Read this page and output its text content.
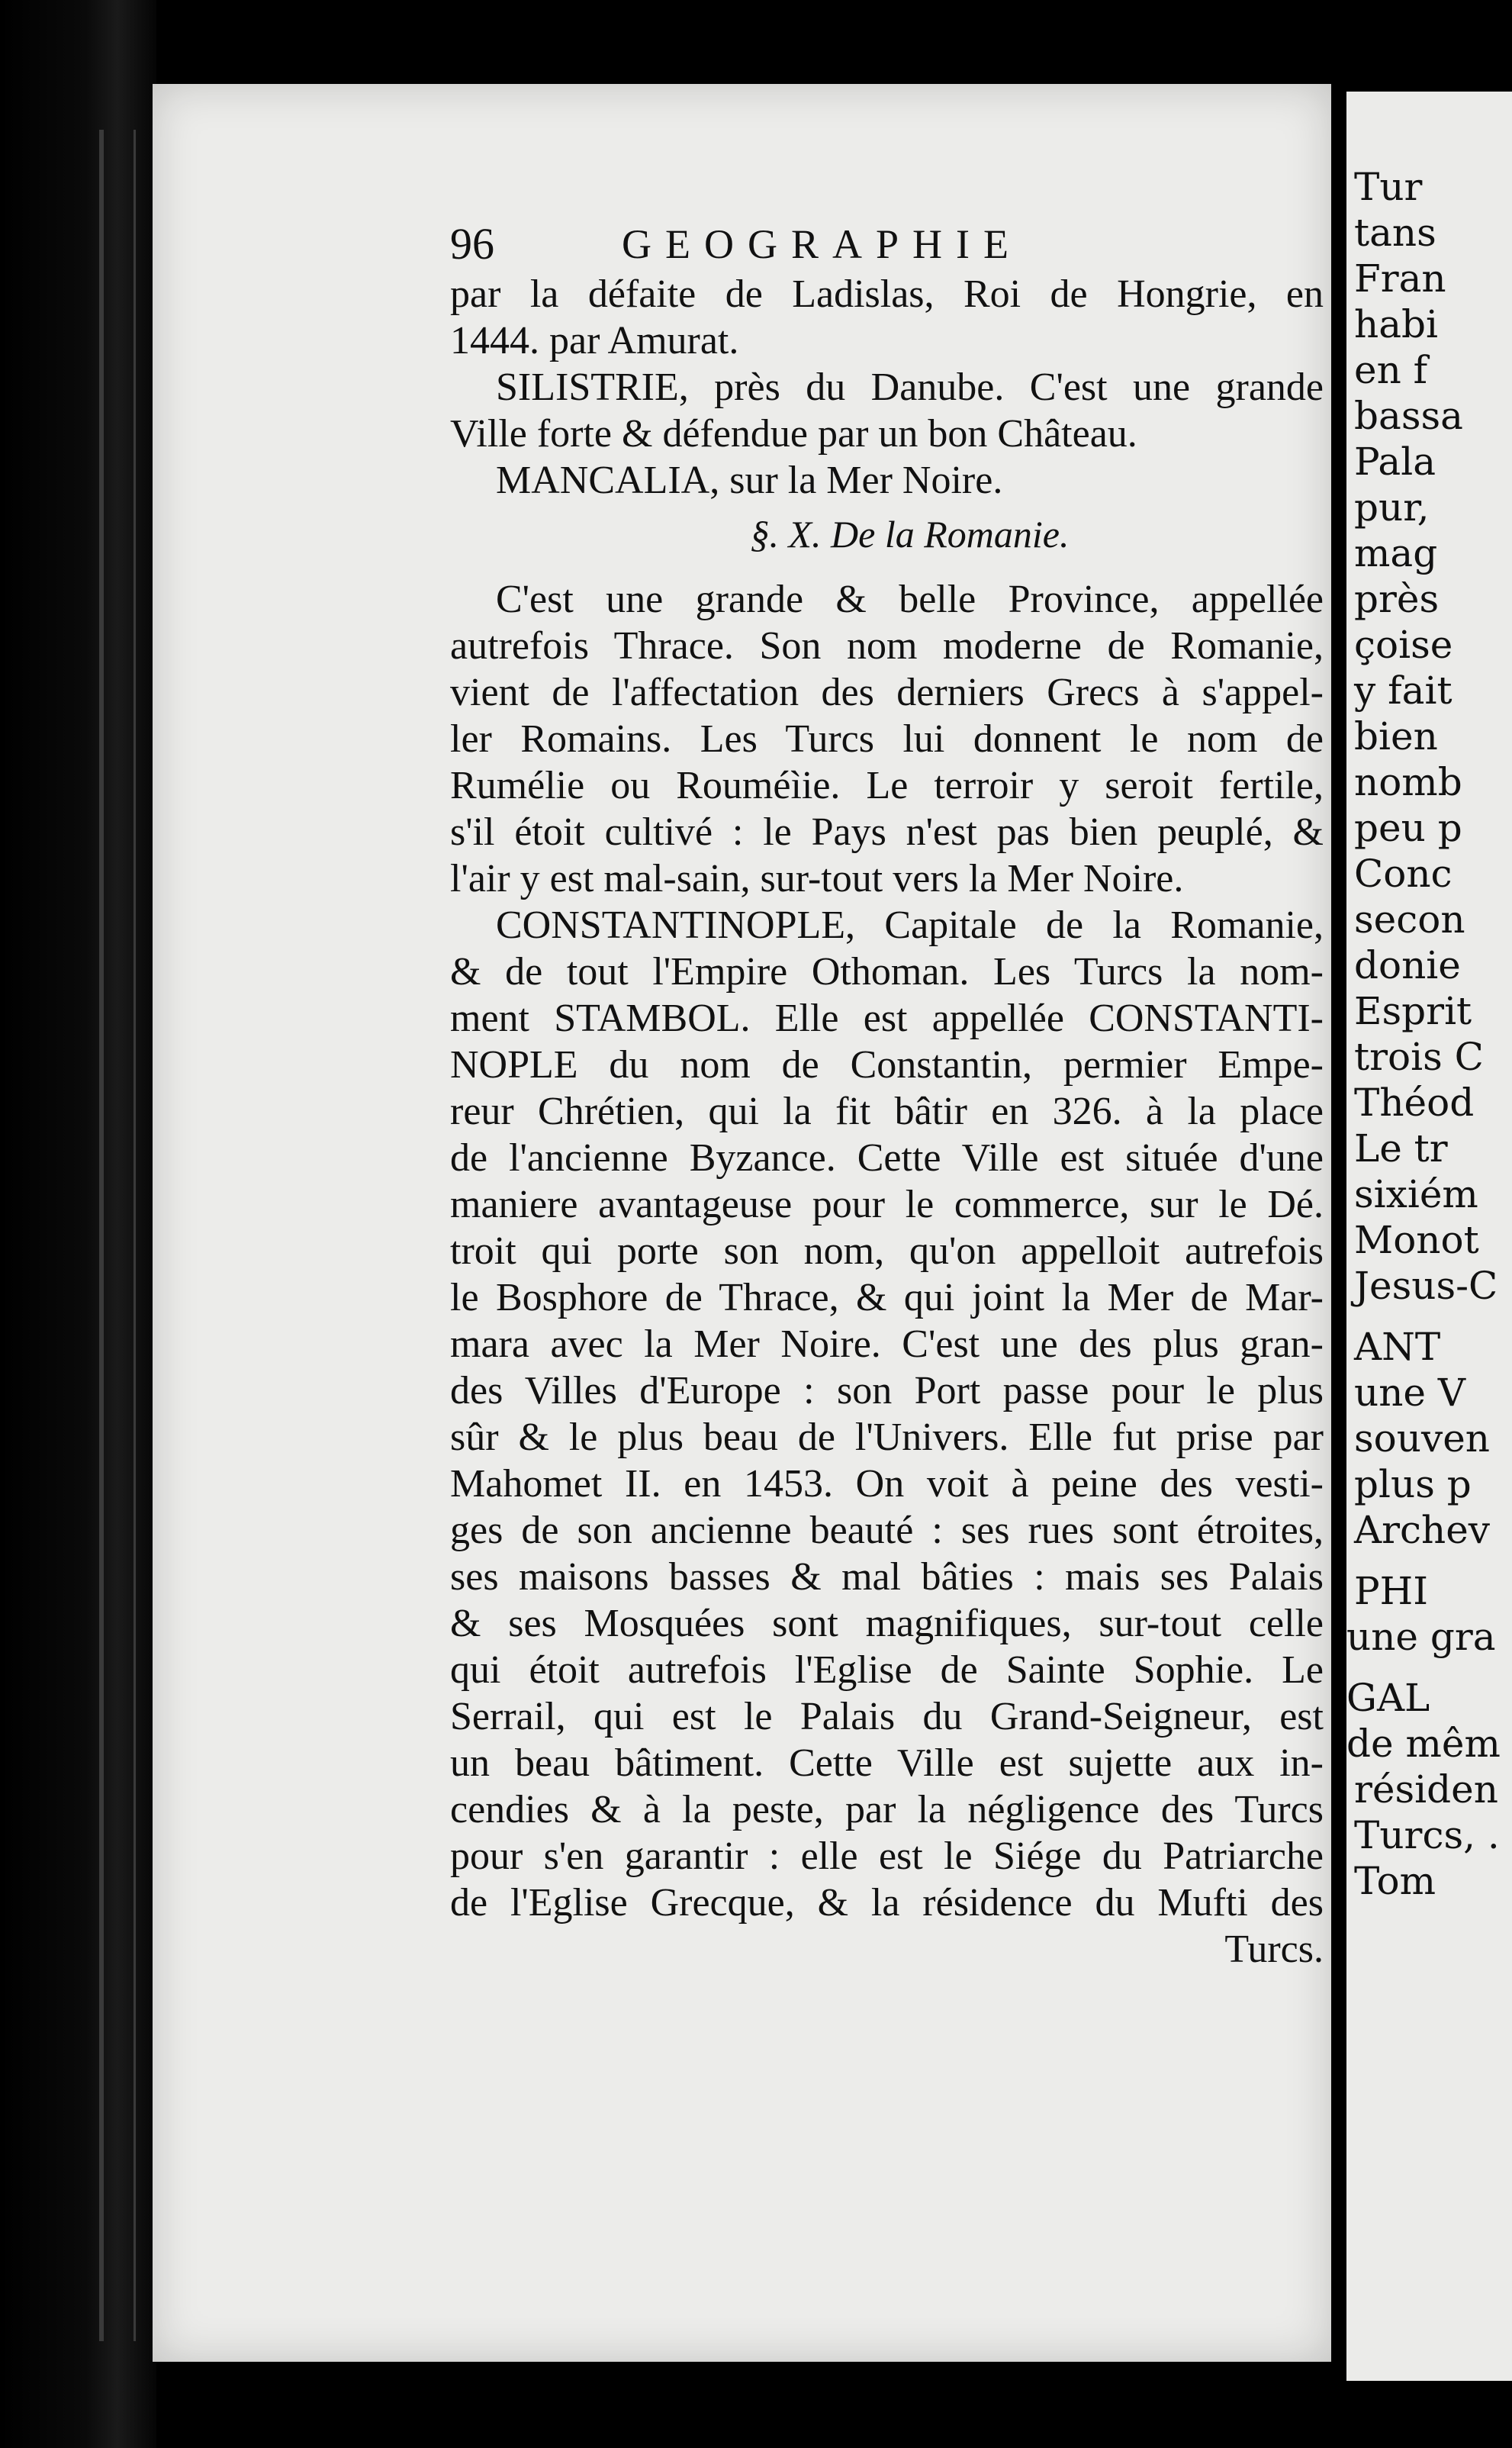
Tur
tans
Fran
habi
en f
bassa
Pala
pur,
mag
près
çoise
y fait
bien
nomb
peu p
Conc
secon
donie
Esprit
trois C
Théod
Le tr
sixiém
Monot
Jesus-C
ANT
une V
souven
plus p
Archev
PHI
une gra
GAL
de mêm
résiden
Turcs, .
Tom
96	GEOGRAPHIE
par la défaite de Ladislas, Roi de Hongrie, en
1444. par Amurat.
SILISTRIE, près du Danube. C'est une grande
Ville forte & défendue par un bon Château.
MANCALIA, sur la Mer Noire.
§. X. De la Romanie.
C'est une grande & belle Province, appellée
autrefois Thrace. Son nom moderne de Romanie,
vient de l'affectation des derniers Grecs à s'appel-
ler Romains. Les Turcs lui donnent le nom de
Rumélie ou Rouméìie. Le terroir y seroit fertile,
s'il étoit cultivé : le Pays n'est pas bien peuplé, &
l'air y est mal-sain, sur-tout vers la Mer Noire.
CONSTANTINOPLE, Capitale de la Romanie,
& de tout l'Empire Othoman. Les Turcs la nom-
ment STAMBOL. Elle est appellée CONSTANTI-
NOPLE du nom de Constantin, permier Empe-
reur Chrétien, qui la fit bâtir en 326. à la place
de l'ancienne Byzance. Cette Ville est située d'une
maniere avantageuse pour le commerce, sur le Dé.
troit qui porte son nom, qu'on appelloit autrefois
le Bosphore de Thrace, & qui joint la Mer de Mar-
mara avec la Mer Noire. C'est une des plus gran-
des Villes d'Europe : son Port passe pour le plus
sûr & le plus beau de l'Univers. Elle fut prise par
Mahomet II. en 1453. On voit à peine des vesti-
ges de son ancienne beauté : ses rues sont étroites,
ses maisons basses & mal bâties : mais ses Palais
& ses Mosquées sont magnifiques, sur-tout celle
qui étoit autrefois l'Eglise de Sainte Sophie. Le
Serrail, qui est le Palais du Grand-Seigneur, est
un beau bâtiment. Cette Ville est sujette aux in-
cendies & à la peste, par la négligence des Turcs
pour s'en garantir : elle est le Siége du Patriarche
de l'Eglise Grecque, & la résidence du Mufti des
Turcs.
